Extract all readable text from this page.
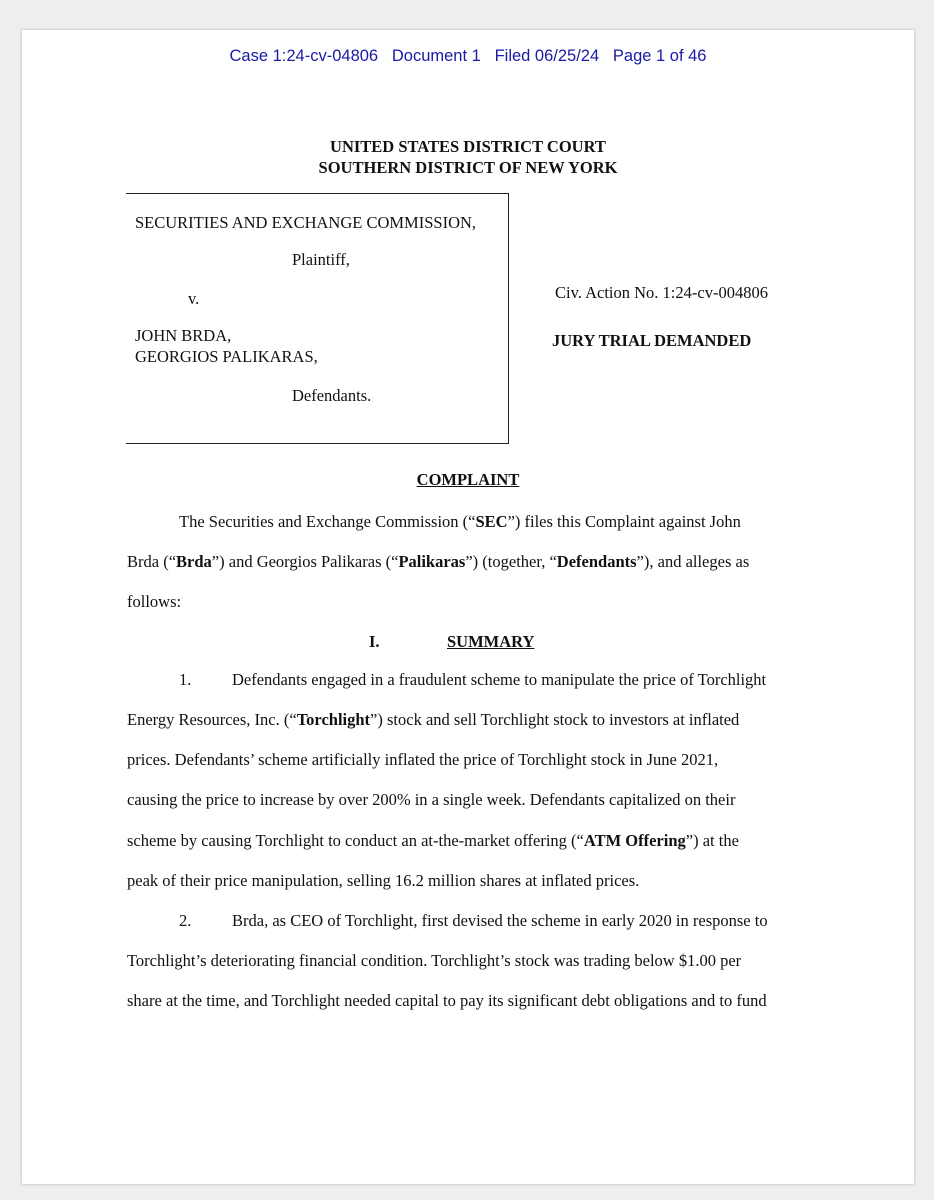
Case 1:24-cv-04806   Document 1   Filed 06/25/24   Page 1 of 46
UNITED STATES DISTRICT COURT
SOUTHERN DISTRICT OF NEW YORK
SECURITIES AND EXCHANGE COMMISSION,
Plaintiff,
v.
JOHN BRDA,
GEORGIOS PALIKARAS,
Defendants.
Civ. Action No. 1:24-cv-004806
JURY TRIAL DEMANDED
COMPLAINT
The Securities and Exchange Commission (“SEC”) files this Complaint against John
Brda (“Brda”) and Georgios Palikaras (“Palikaras”) (together, “Defendants”), and alleges as
follows:
I.	SUMMARY
1. Defendants engaged in a fraudulent scheme to manipulate the price of Torchlight
Energy Resources, Inc. (“Torchlight”) stock and sell Torchlight stock to investors at inflated
prices. Defendants’ scheme artificially inflated the price of Torchlight stock in June 2021,
causing the price to increase by over 200% in a single week. Defendants capitalized on their
scheme by causing Torchlight to conduct an at-the-market offering (“ATM Offering”) at the
peak of their price manipulation, selling 16.2 million shares at inflated prices.
2. Brda, as CEO of Torchlight, first devised the scheme in early 2020 in response to
Torchlight’s deteriorating financial condition. Torchlight’s stock was trading below $1.00 per
share at the time, and Torchlight needed capital to pay its significant debt obligations and to fund
